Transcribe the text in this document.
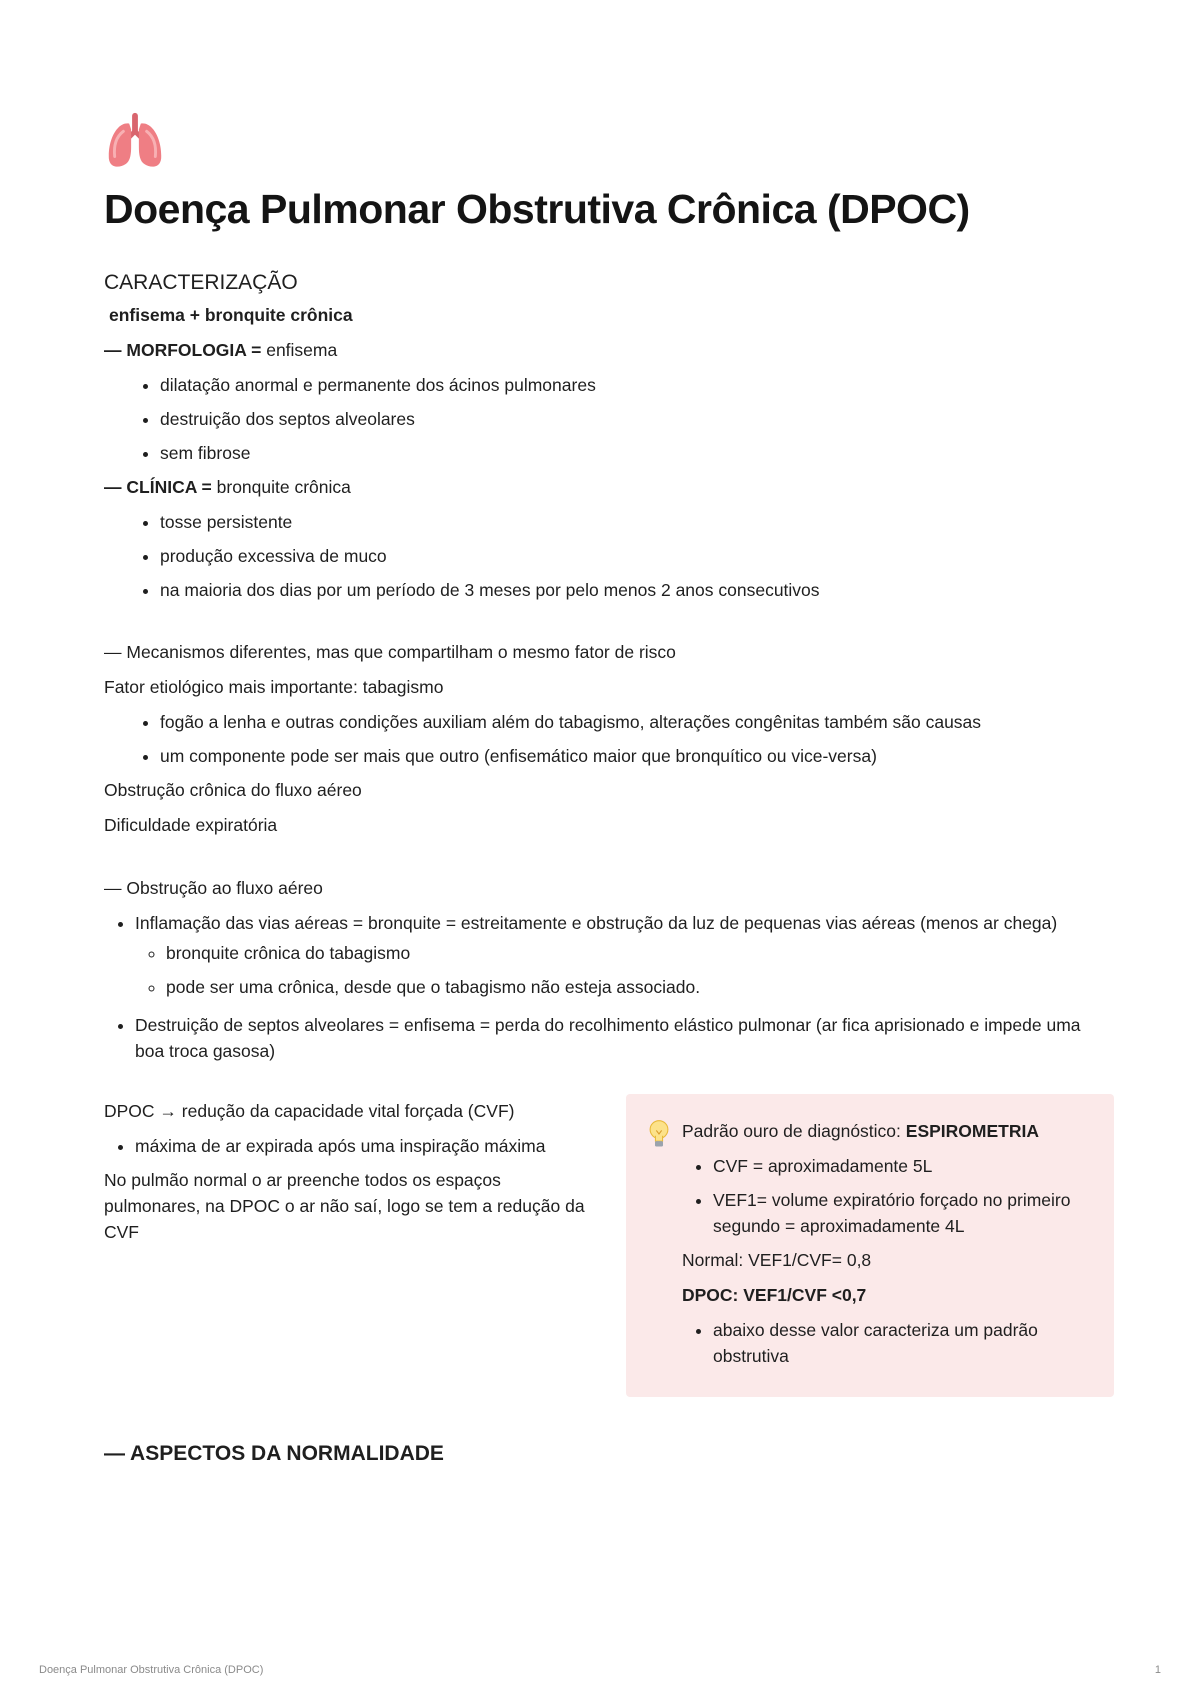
Doença Pulmonar Obstrutiva Crônica (DPOC)
CARACTERIZAÇÃO

enfisema + bronquite crônica

— MORFOLOGIA = enfisema

• dilatação anormal e permanente dos ácinos pulmonares
• destruição dos septos alveolares
• sem fibrose

— CLÍNICA = bronquite crônica

• tosse persistente
• produção excessiva de muco
• na maioria dos dias por um período de 3 meses por pelo menos 2 anos consecutivos

— Mecanismos diferentes, mas que compartilham o mesmo fator de risco

Fator etiológico mais importante: tabagismo

• fogão a lenha e outras condições auxiliam além do tabagismo, alterações congênitas também são causas
• um componente pode ser mais que outro (enfisemático maior que bronquítico ou vice-versa)

Obstrução crônica do fluxo aéreo

Dificuldade expiratória

— Obstrução ao fluxo aéreo

• Inflamação das vias aéreas = bronquite = estreitamente e obstrução da luz de pequenas vias aéreas (menos ar chega)
◦ bronquite crônica do tabagismo
◦ pode ser uma crônica, desde que o tabagismo não esteja associado.
• Destruição de septos alveolares = enfisema = perda do recolhimento elástico pulmonar (ar fica aprisionado e impede uma boa troca gasosa)

DPOC → redução da capacidade vital forçada (CVF)

• máxima de ar expirada após uma inspiração máxima

No pulmão normal o ar preenche todos os espaços pulmonares, na DPOC o ar não saí, logo se tem a redução da CVF

Padrão ouro de diagnóstico: ESPIROMETRIA

• CVF = aproximadamente 5L
• VEF1= volume expiratório forçado no primeiro segundo = aproximadamente 4L

Normal: VEF1/CVF= 0,8

DPOC: VEF1/CVF <0,7

• abaixo desse valor caracteriza um padrão obstrutiva
— ASPECTOS DA NORMALIDADE
Doença Pulmonar Obstrutiva Crônica (DPOC)	1
